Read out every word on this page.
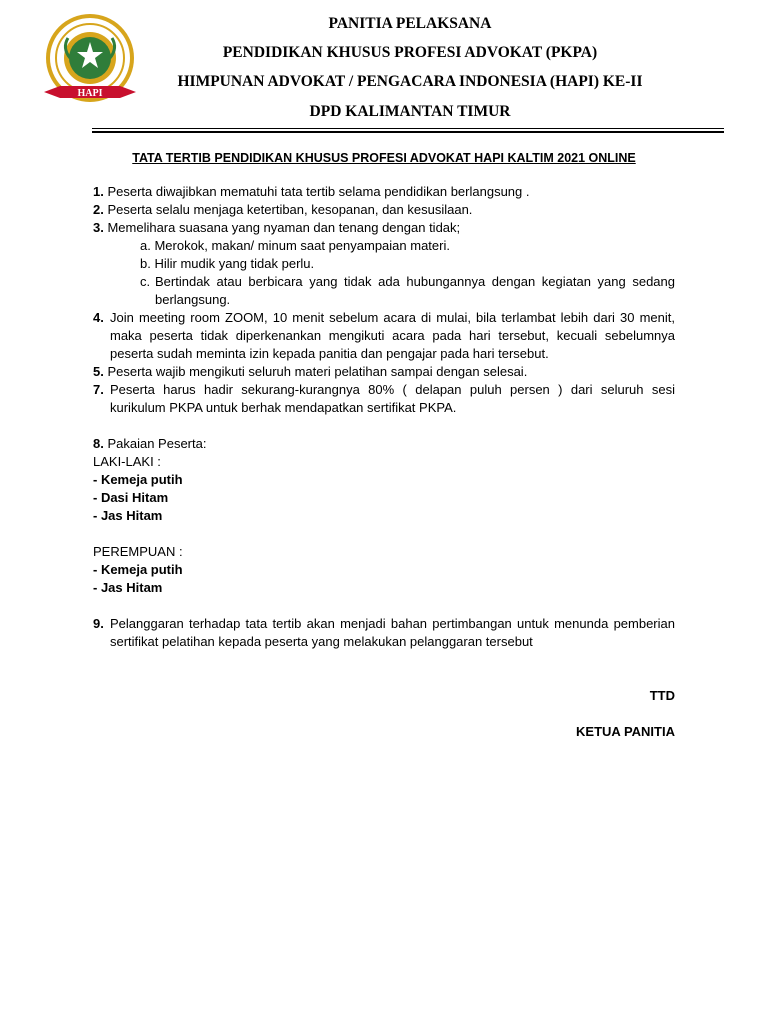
HAPI
PANITIA PELAKSANA
PENDIDIKAN KHUSUS PROFESI ADVOKAT (PKPA)
HIMPUNAN ADVOKAT / PENGACARA INDONESIA (HAPI) KE-II
DPD KALIMANTAN TIMUR
TATA TERTIB PENDIDIKAN KHUSUS PROFESI ADVOKAT HAPI KALTIM 2021 ONLINE
1. Peserta diwajibkan mematuhi tata tertib selama pendidikan berlangsung .
2. Peserta selalu menjaga ketertiban, kesopanan, dan kesusilaan.
3. Memelihara suasana yang nyaman dan tenang dengan tidak;
a. Merokok, makan/ minum saat penyampaian materi.
b. Hilir mudik yang tidak perlu.
c. Bertindak atau berbicara yang tidak ada hubungannya dengan kegiatan yang sedang berlangsung.
4. Join meeting room ZOOM, 10 menit sebelum acara di mulai, bila terlambat lebih dari 30 menit, maka peserta tidak diperkenankan mengikuti acara pada hari tersebut, kecuali sebelumnya peserta sudah meminta izin kepada panitia dan pengajar pada hari tersebut.
5. Peserta wajib mengikuti seluruh materi pelatihan sampai dengan selesai.
7. Peserta harus hadir sekurang-kurangnya 80% ( delapan puluh persen ) dari seluruh sesi kurikulum PKPA untuk berhak mendapatkan sertifikat PKPA.
8. Pakaian Peserta:
LAKI-LAKI :
- Kemeja putih
- Dasi Hitam
- Jas Hitam
PEREMPUAN :
- Kemeja putih
- Jas Hitam
9. Pelanggaran terhadap tata tertib akan menjadi bahan pertimbangan untuk menunda pemberian sertifikat pelatihan kepada peserta yang melakukan pelanggaran tersebut
TTD
KETUA PANITIA
